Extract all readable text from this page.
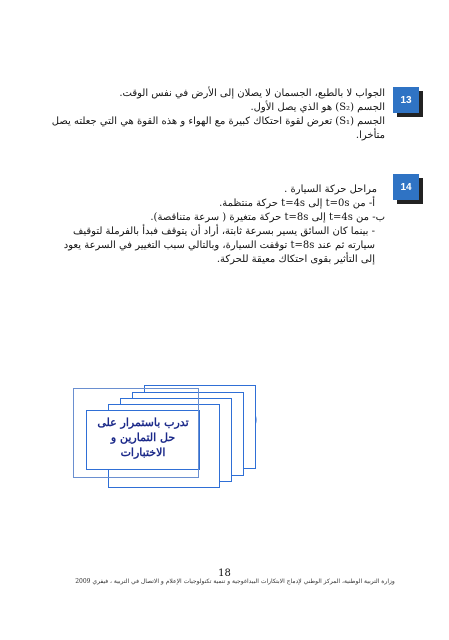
13
الجواب لا بالطبع، الجسمان لا يصلان إلى الأرض في نفس الوقت.
الجسم (S₂) هو الذي يصل الأول.
الجسم (S₁) تعرض لقوة احتكاك كبيرة مع الهواء و هذه القوة هي التي جعلته يصل
متأخرا.
14
مراحل حركة السيارة .
أ- من t=0s إلى t=4s حركة منتظمة.
ب- من t=4s إلى t=8s حركة متغيرة ( سرعة متناقصة).
- بينما كان السائق يسير بسرعة ثابتة، أراد أن يتوقف فبدأ بالفرملة لتوقيف
سيارته ثم عند t=8s توقفت السيارة، وبالتالي سبب التغيير في السرعة يعود
إلى التأثير بقوى احتكاك معيقة للحركة.
تدرب باستمرار على
حل التمارين و
الاختبارات
18
وزارة التربية الوطنية، المركز الوطني لإدماج الابتكارات البيداغوجية و تنمية تكنولوجيات الإعلام و الاتصال في التربية ، فيفري 2009
